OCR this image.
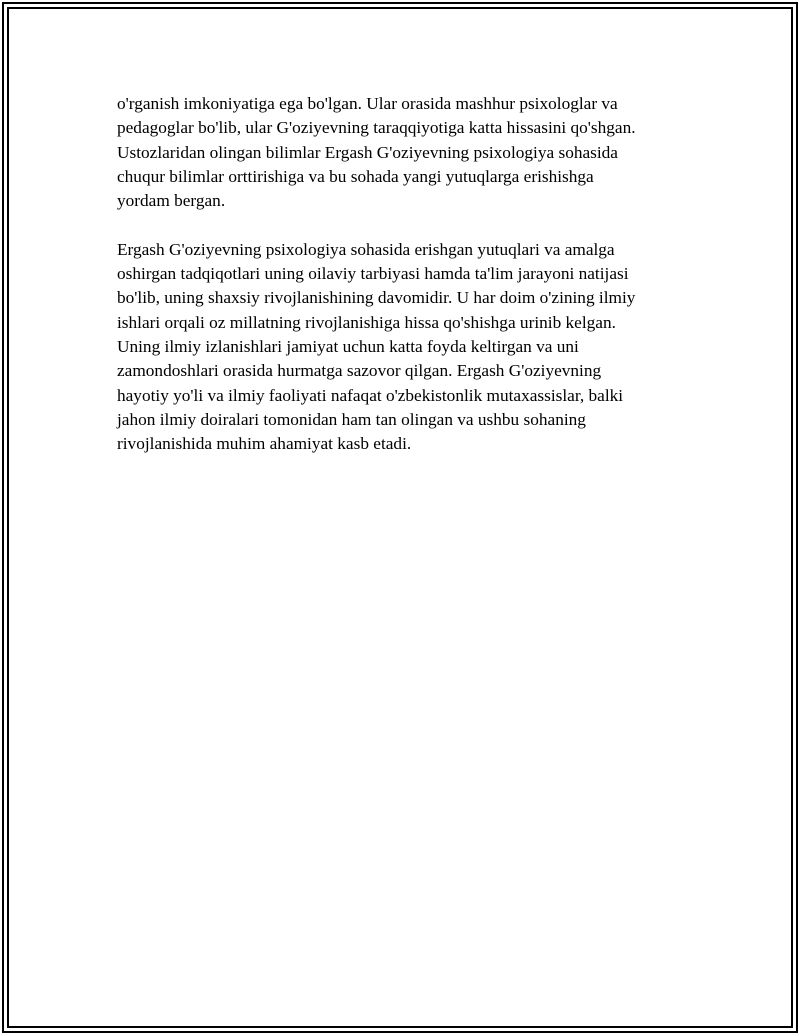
o'rganish imkoniyatiga ega bo'lgan. Ular orasida mashhur psixologlar va
pedagoglar bo'lib, ular G'oziyevning taraqqiyotiga katta hissasini qo'shgan.
Ustozlaridan olingan bilimlar Ergash G'oziyevning psixologiya sohasida
chuqur bilimlar orttirishiga va bu sohada yangi yutuqlarga erishishga
yordam bergan.

Ergash G'oziyevning psixologiya sohasida erishgan yutuqlari va amalga
oshirgan tadqiqotlari uning oilaviy tarbiyasi hamda ta'lim jarayoni natijasi
bo'lib, uning shaxsiy rivojlanishining davomidir. U har doim o'zining ilmiy
ishlari orqali oz millatning rivojlanishiga hissa qo'shishga urinib kelgan.
Uning ilmiy izlanishlari jamiyat uchun katta foyda keltirgan va uni
zamondoshlari orasida hurmatga sazovor qilgan. Ergash G'oziyevning
hayotiy yo'li va ilmiy faoliyati nafaqat o'zbekistonlik mutaxassislar, balki
jahon ilmiy doiralari tomonidan ham tan olingan va ushbu sohaning
rivojlanishida muhim ahamiyat kasb etadi.
